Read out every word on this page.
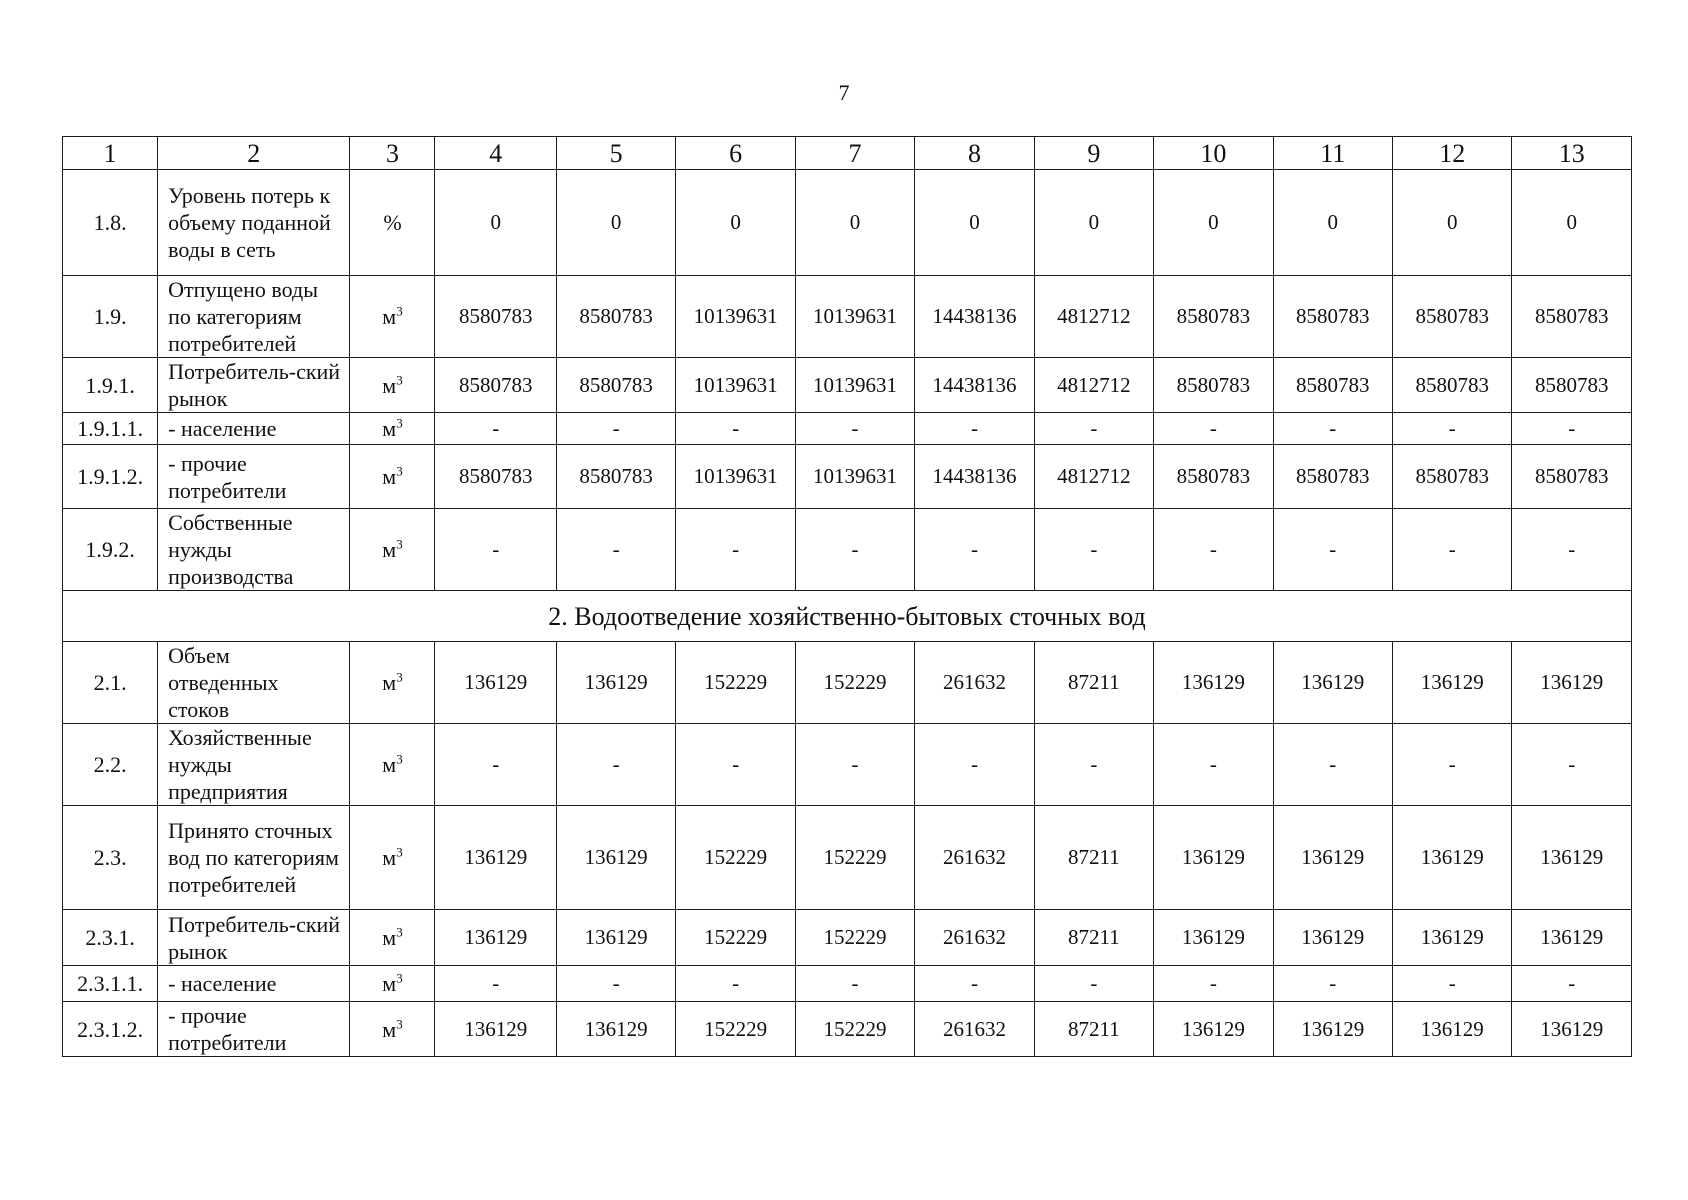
7
1	2	3	4	5	6	7	8	9	10	11	12	13
1.8.	Уровень потерь к объему поданной воды в сеть	%	0	0	0	0	0	0	0	0	0	0
1.9.	Отпущено воды по категориям потребителей	$м^3$	8580783	8580783	10139631	10139631	14438136	4812712	8580783	8580783	8580783	8580783
1.9.1.	Потребитель-ский рынок	$м^3$	8580783	8580783	10139631	10139631	14438136	4812712	8580783	8580783	8580783	8580783
1.9.1.1.	- население	$м^3$	-	-	-	-	-	-	-	-	-	-
1.9.1.2.	- прочие потребители	$м^3$	8580783	8580783	10139631	10139631	14438136	4812712	8580783	8580783	8580783	8580783
1.9.2.	Собственные нужды производства	$м^3$	-	-	-	-	-	-	-	-	-	-
2. Водоотведение хозяйственно-бытовых сточных вод												
2.1.	Объем отведенных стоков	$м^3$	136129	136129	152229	152229	261632	87211	136129	136129	136129	136129
2.2.	Хозяйственные нужды предприятия	$м^3$	-	-	-	-	-	-	-	-	-	-
2.3.	Принято сточных вод по категориям потребителей	$м^3$	136129	136129	152229	152229	261632	87211	136129	136129	136129	136129
2.3.1.	Потребитель-ский рынок	$м^3$	136129	136129	152229	152229	261632	87211	136129	136129	136129	136129
2.3.1.1.	- население	$м^3$	-	-	-	-	-	-	-	-	-	-
2.3.1.2.	- прочие потребители	$м^3$	136129	136129	152229	152229	261632	87211	136129	136129	136129	136129
